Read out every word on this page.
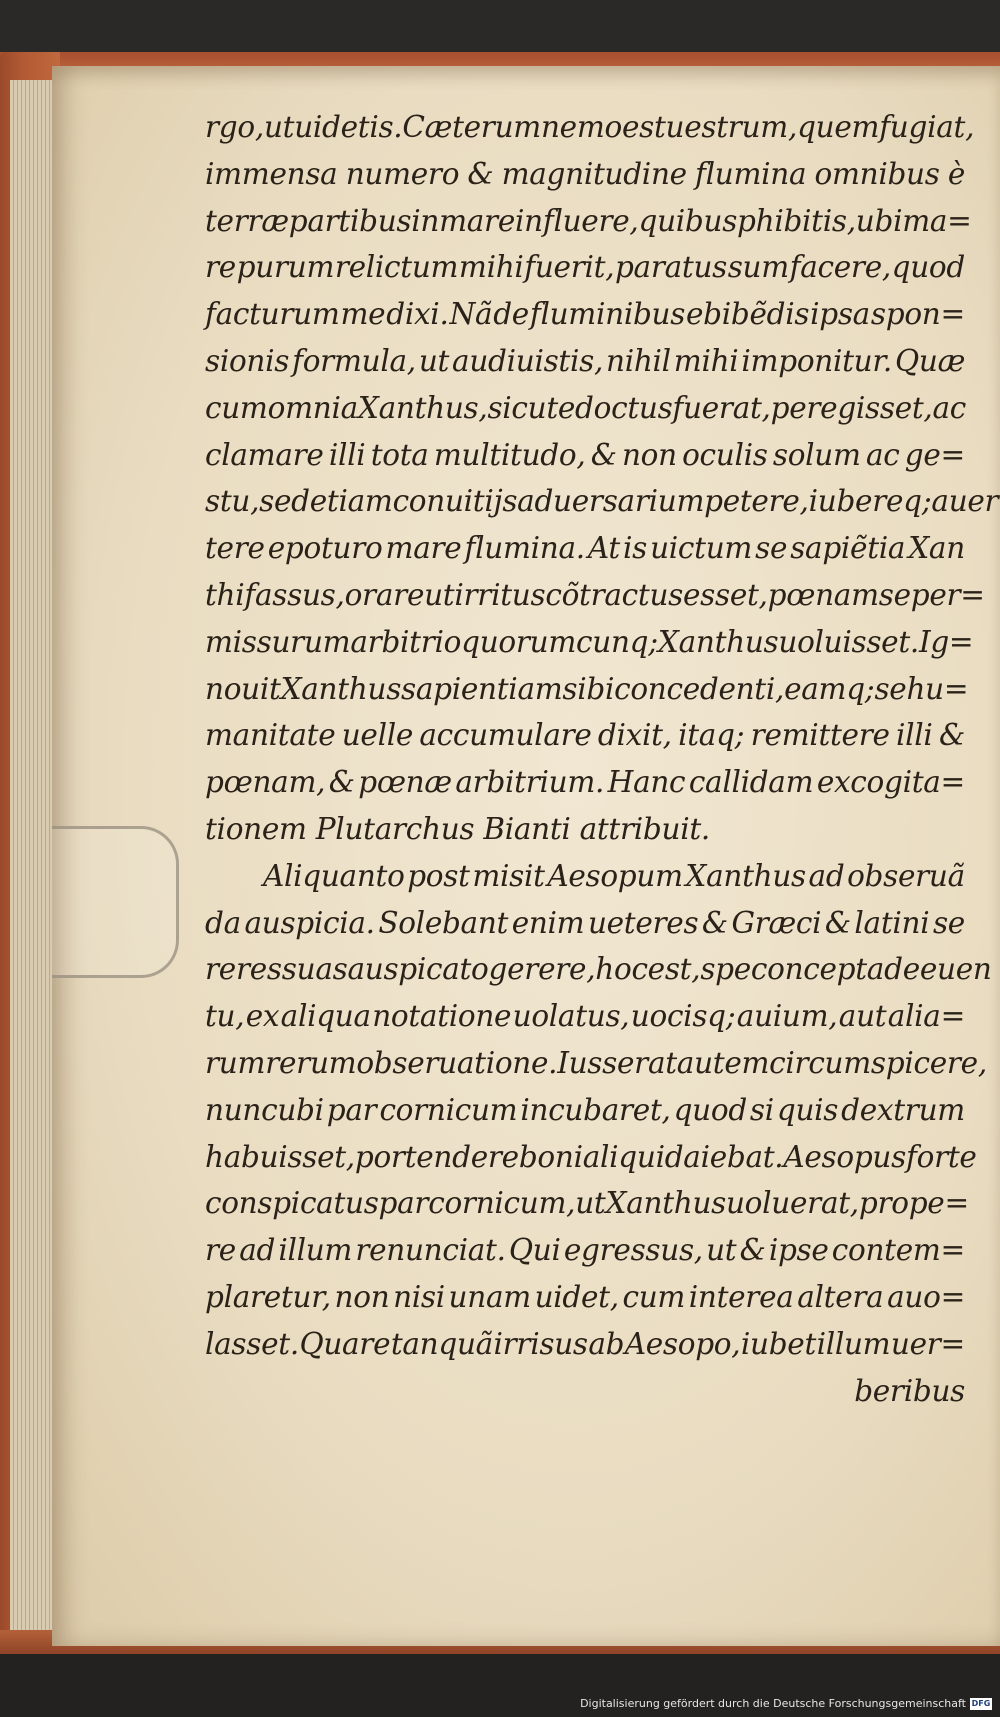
rgo, ut uidetis. Cæterum nemo est uestrum, quem fugiat,
immensa numero & magnitudine flumina omnibus è
terræ partibus in mare influere, quibus phibitis, ubi ma=
re purum relictum mihi fuerit, paratus sum facere, quod
facturum me dixi. Nã de fluminibus ebibẽdis ipsa spon=
sionis formula, ut audiuistis, nihil mihi imponitur. Quæ
cum omnia Xanthus, sicut edoctus fuerat, peregisset, ac
clamare illi tota multitudo, & non oculis solum ac ge=
stu, sed etiam conuitijs aduersarium petere, iubereq; auer
tere epoturo mare flumina. At is uictum se sapiẽtia Xan
thi fassus, orare ut irritus cõtractus esset, pœnam se per=
missurum arbitrio quorumcunq; Xanthus uoluisset. Ig=
nouit Xanthus sapientiam sibi concedenti, eamq; se hu=
manitate uelle accumulare dixit, itaq; remittere illi &
pœnam, & pœnæ arbitrium. Hanc callidam excogita=
tionem Plutarchus Bianti attribuit.
Aliquanto post misit Aesopum Xanthus ad obseruã
da auspicia. Solebant enim ueteres & Græci & latini se
re res suas auspicato gerere, hoc est, spe concepta de euen
tu, ex aliqua notatione uolatus, uocisq; auium, aut alia=
rum rerum obseruatione. Iusserat autem circumspicere,
nuncubi par cornicum incubaret, quod si quis dextrum
habuisset, portendere boni aliquid aiebat. Aesopus forte
conspicatus par cornicum, ut Xanthus uoluerat, prope=
re ad illum renunciat. Qui egressus, ut & ipse contem=
plaretur, non nisi unam uidet, cum interea altera auo=
lasset. Quare tanquã irrisus ab Aesopo, iubet illum uer=
beribus
Digitalisierung gefördert durch die Deutsche Forschungsgemeinschaft DFG
